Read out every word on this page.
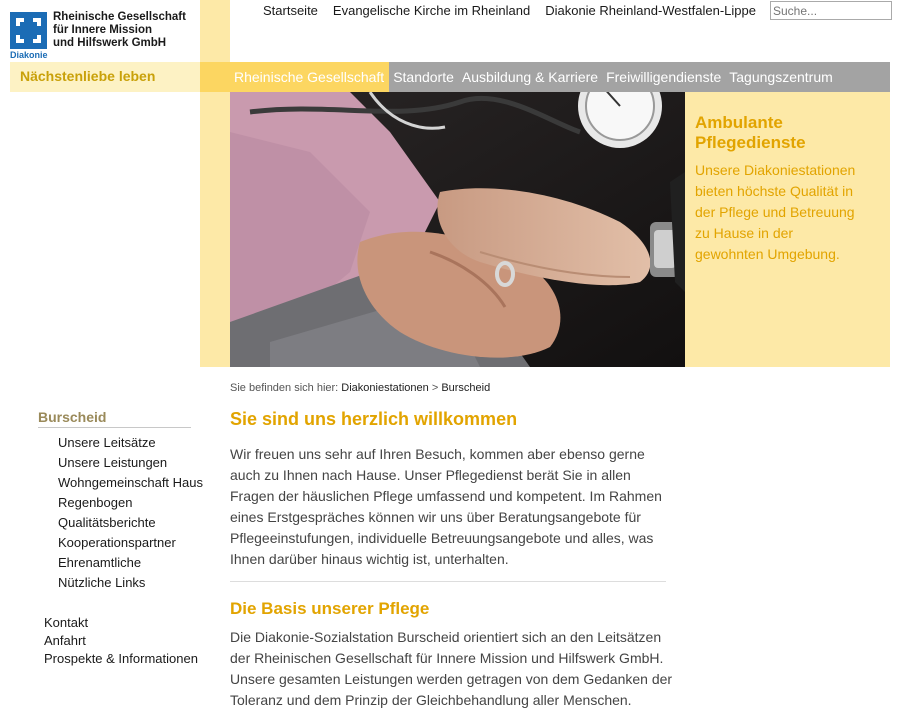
Diakonie
Rheinische Gesellschaft
für Innere Mission
und Hilfswerk GmbH
Nächstenliebe leben
Startseite Evangelische Kirche im Rheinland Diakonie Rheinland-Westfalen-Lippe
Suche...
Rheinische Gesellschaft Standorte Ausbildung & Karriere Freiwilligendienste Tagungszentrum
Ambulante Pflegedienste
Unsere Diakoniestationen bieten höchste Qualität in der Pflege und Betreuung zu Hause in der gewohnten Umgebung.
Sie befinden sich hier: Diakoniestationen > Burscheid
Burscheid
Unsere Leitsätze
Unsere Leistungen
Wohngemeinschaft Haus
Regenbogen
Qualitätsberichte
Kooperationspartner
Ehrenamtliche
Nützliche Links
Kontakt
Anfahrt
Prospekte & Informationen
Sie sind uns herzlich willkommen

Wir freuen uns sehr auf Ihren Besuch, kommen aber ebenso gerne auch zu Ihnen nach Hause. Unser Pflegedienst berät Sie in allen Fragen der häuslichen Pflege umfassend und kompetent. Im Rahmen eines Erstgespräches können wir uns über Beratungsangebote für Pflegeeinstufungen, individuelle Betreuungsangebote und alles, was Ihnen darüber hinaus wichtig ist, unterhalten.

Die Basis unserer Pflege

Die Diakonie-Sozialstation Burscheid orientiert sich an den Leitsätzen der Rheinischen Gesellschaft für Innere Mission und Hilfswerk GmbH. Unsere gesamten Leistungen werden getragen von dem Gedanken der Toleranz und dem Prinzip der Gleichbehandlung aller Menschen.
